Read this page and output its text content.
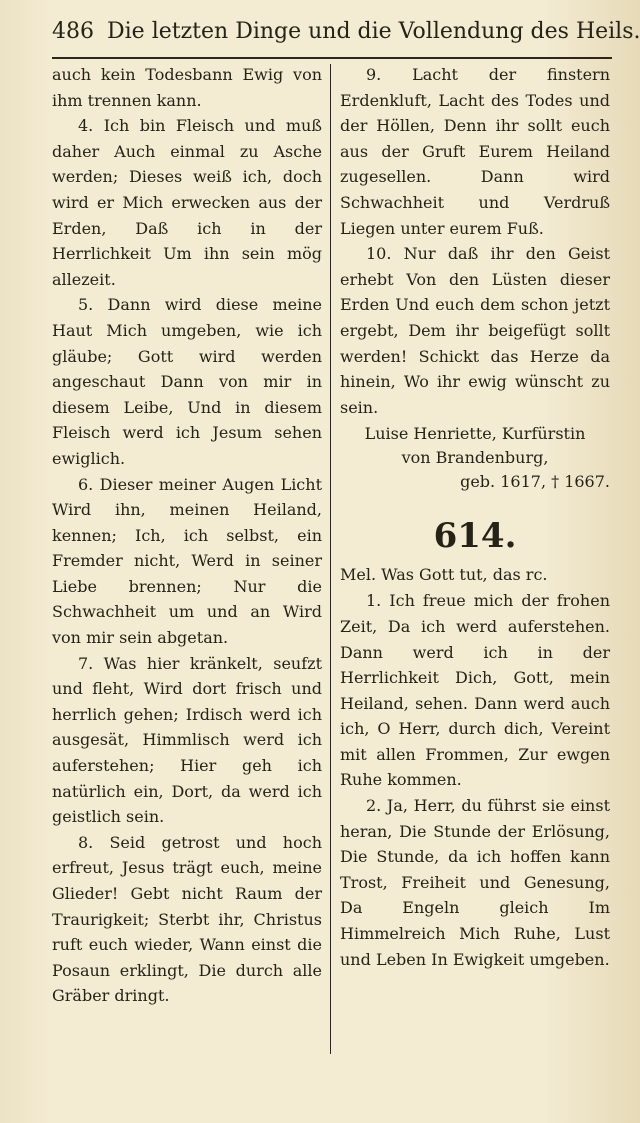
486 Die letzten Dinge und die Vollendung des Heils.

auch kein Todesbann Ewig von ihm trennen kann.

4. Ich bin Fleisch und muß daher Auch einmal zu Asche werden; Dieses weiß ich, doch wird er Mich erwecken aus der Erden, Daß ich in der Herrlichkeit Um ihn sein mög allezeit.

5. Dann wird diese meine Haut Mich umgeben, wie ich gläube; Gott wird werden angeschaut Dann von mir in diesem Leibe, Und in diesem Fleisch werd ich Jesum sehen ewiglich.

6. Dieser meiner Augen Licht Wird ihn, meinen Heiland, kennen; Ich, ich selbst, ein Fremder nicht, Werd in seiner Liebe brennen; Nur die Schwachheit um und an Wird von mir sein abgetan.

7. Was hier kränkelt, seufzt und fleht, Wird dort frisch und herrlich gehen; Irdisch werd ich ausgesät, Himmlisch werd ich auferstehen; Hier geh ich natürlich ein, Dort, da werd ich geistlich sein.

8. Seid getrost und hoch erfreut, Jesus trägt euch, meine Glieder! Gebt nicht Raum der Traurigkeit; Sterbt ihr, Christus ruft euch wieder, Wann einst die Posaun erklingt, Die durch alle Gräber dringt.

9. Lacht der finstern Erdenkluft, Lacht des Todes und der Höllen, Denn ihr sollt euch aus der Gruft Eurem Heiland zugesellen. Dann wird Schwachheit und Verdruß Liegen unter eurem Fuß.

10. Nur daß ihr den Geist erhebt Von den Lüsten dieser Erden Und euch dem schon jetzt ergebt, Dem ihr beigefügt sollt werden! Schickt das Herze da hinein, Wo ihr ewig wünscht zu sein.

Luise Henriette, Kurfürstin
von Brandenburg,
geb. 1617, † 1667.
614.

Mel. Was Gott tut, das rc.

1. Ich freue mich der frohen Zeit, Da ich werd auferstehen. Dann werd ich in der Herrlichkeit Dich, Gott, mein Heiland, sehen. Dann werd auch ich, O Herr, durch dich, Vereint mit allen Frommen, Zur ewgen Ruhe kommen.

2. Ja, Herr, du führst sie einst heran, Die Stunde der Erlösung, Die Stunde, da ich hoffen kann Trost, Freiheit und Genesung, Da Engeln gleich Im Himmelreich Mich Ruhe, Lust und Leben In Ewigkeit umgeben.
